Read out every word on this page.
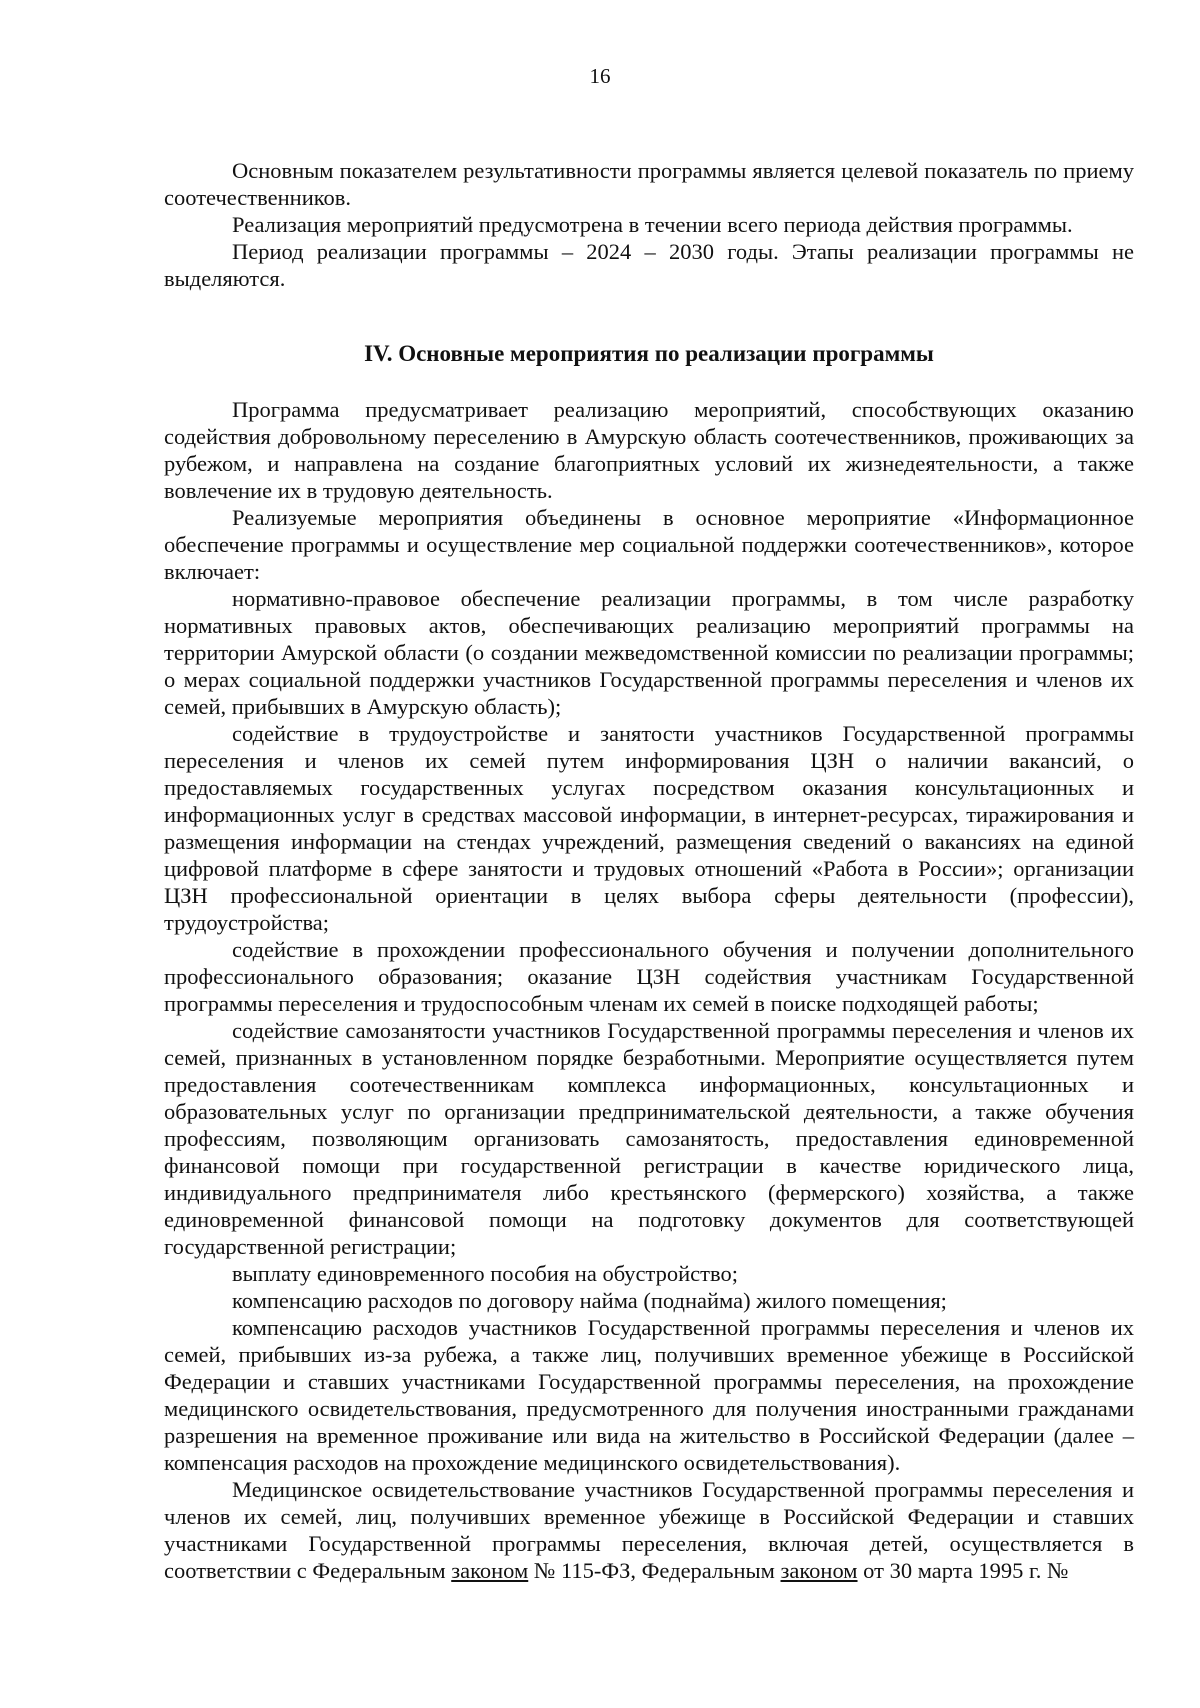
16

Основным показателем результативности программы является целевой показатель по приему соотечественников.

Реализация мероприятий предусмотрена в течении всего периода действия программы.

Период реализации программы – 2024 – 2030 годы. Этапы реализации программы не выделяются.

IV. Основные мероприятия по реализации программы

Программа предусматривает реализацию мероприятий, способствующих оказанию содействия добровольному переселению в Амурскую область соотечественников, проживающих за рубежом, и направлена на создание благоприятных условий их жизнедеятельности, а также вовлечение их в трудовую деятельность.

Реализуемые мероприятия объединены в основное мероприятие «Информационное обеспечение программы и осуществление мер социальной поддержки соотечественников», которое включает:

нормативно-правовое обеспечение реализации программы, в том числе разработку нормативных правовых актов, обеспечивающих реализацию мероприятий программы на территории Амурской области (о создании межведомственной комиссии по реализации программы; о мерах социальной поддержки участников Государственной программы переселения и членов их семей, прибывших в Амурскую область);

содействие в трудоустройстве и занятости участников Государственной программы переселения и членов их семей путем информирования ЦЗН о наличии вакансий, о предоставляемых государственных услугах посредством оказания консультационных и информационных услуг в средствах массовой информации, в интернет-ресурсах, тиражирования и размещения информации на стендах учреждений, размещения сведений о вакансиях на единой цифровой платформе в сфере занятости и трудовых отношений «Работа в России»; организации ЦЗН профессиональной ориентации в целях выбора сферы деятельности (профессии), трудоустройства;

содействие в прохождении профессионального обучения и получении дополнительного профессионального образования; оказание ЦЗН содействия участникам Государственной программы переселения и трудоспособным членам их семей в поиске подходящей работы;

содействие самозанятости участников Государственной программы переселения и членов их семей, признанных в установленном порядке безработными. Мероприятие осуществляется путем предоставления соотечественникам комплекса информационных, консультационных и образовательных услуг по организации предпринимательской деятельности, а также обучения профессиям, позволяющим организовать самозанятость, предоставления единовременной финансовой помощи при государственной регистрации в качестве юридического лица, индивидуального предпринимателя либо крестьянского (фермерского) хозяйства, а также единовременной финансовой помощи на подготовку документов для соответствующей государственной регистрации;

выплату единовременного пособия на обустройство;

компенсацию расходов по договору найма (поднайма) жилого помещения;

компенсацию расходов участников Государственной программы переселения и членов их семей, прибывших из-за рубежа, а также лиц, получивших временное убежище в Российской Федерации и ставших участниками Государственной программы переселения, на прохождение медицинского освидетельствования, предусмотренного для получения иностранными гражданами разрешения на временное проживание или вида на жительство в Российской Федерации (далее – компенсация расходов на прохождение медицинского освидетельствования).

Медицинское освидетельствование участников Государственной программы переселения и членов их семей, лиц, получивших временное убежище в Российской Федерации и ставших участниками Государственной программы переселения, включая детей, осуществляется в соответствии с Федеральным законом № 115-ФЗ, Федеральным законом от 30 марта 1995 г. №
